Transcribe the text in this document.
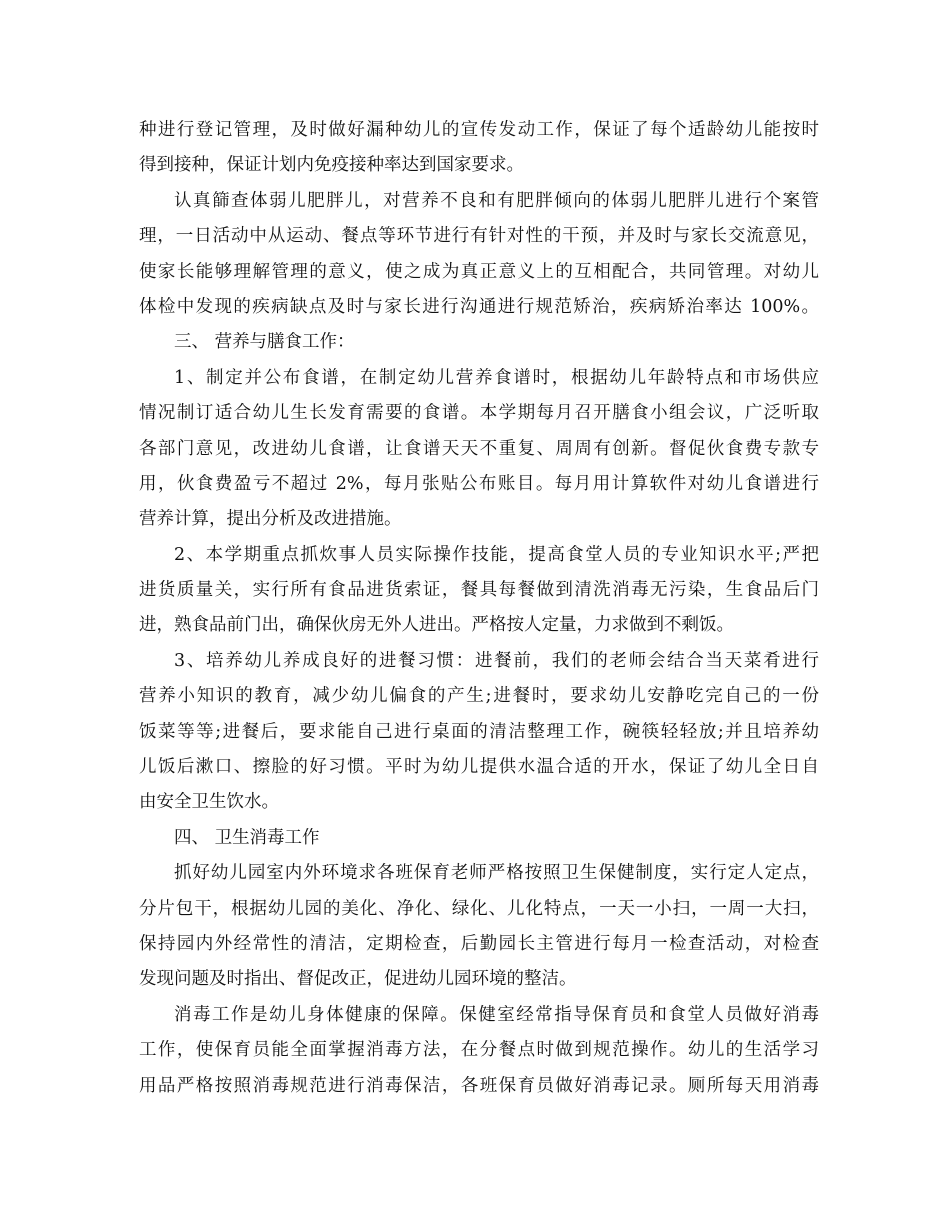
种进行登记管理，及时做好漏种幼儿的宣传发动工作，保证了每个适龄幼儿能按时
得到接种，保证计划内免疫接种率达到国家要求。
认真篩查体弱儿肥胖儿，对营养不良和有肥胖倾向的体弱儿肥胖儿进行个案管
理，一日活动中从运动、餐点等环节进行有针对性的干预，并及时与家长交流意见，
使家长能够理解管理的意义，使之成为真正意义上的互相配合，共同管理。对幼儿
体检中发现的疾病缺点及时与家长进行沟通进行规范矫治，疾病矫治率达 100%。
三、 营养与膳食工作：
1、制定并公布食谱，在制定幼儿营养食谱时，根据幼儿年龄特点和市场供应
情况制订适合幼儿生长发育需要的食谱。本学期每月召开膳食小组会议，广泛听取
各部门意见，改进幼儿食谱，让食谱天天不重复、周周有创新。督促伙食费专款专
用，伙食费盈亏不超过 2%，每月张贴公布账目。每月用计算软件对幼儿食谱进行
营养计算，提出分析及改进措施。
2、本学期重点抓炊事人员实际操作技能，提高食堂人员的专业知识水平;严把
进货质量关，实行所有食品进货索证，餐具每餐做到清洗消毒无污染，生食品后门
进，熟食品前门出，确保伙房无外人进出。严格按人定量，力求做到不剩饭。
3、培养幼儿养成良好的进餐习惯：进餐前，我们的老师会结合当天菜肴进行
营养小知识的教育，减少幼儿偏食的产生;进餐时，要求幼儿安静吃完自己的一份
饭菜等等;进餐后，要求能自己进行桌面的清洁整理工作，碗筷轻轻放;并且培养幼
儿饭后漱口、擦脸的好习惯。平时为幼儿提供水温合适的开水，保证了幼儿全日自
由安全卫生饮水。
四、 卫生消毒工作
抓好幼儿园室内外环境求各班保育老师严格按照卫生保健制度，实行定人定点，
分片包干，根据幼儿园的美化、净化、绿化、儿化特点，一天一小扫，一周一大扫，
保持园内外经常性的清洁，定期检查，后勤园长主管进行每月一检查活动，对检查
发现问题及时指出、督促改正，促进幼儿园环境的整洁。
消毒工作是幼儿身体健康的保障。保健室经常指导保育员和食堂人员做好消毒
工作，使保育员能全面掌握消毒方法，在分餐点时做到规范操作。幼儿的生活学习
用品严格按照消毒规范进行消毒保洁，各班保育员做好消毒记录。厕所每天用消毒
